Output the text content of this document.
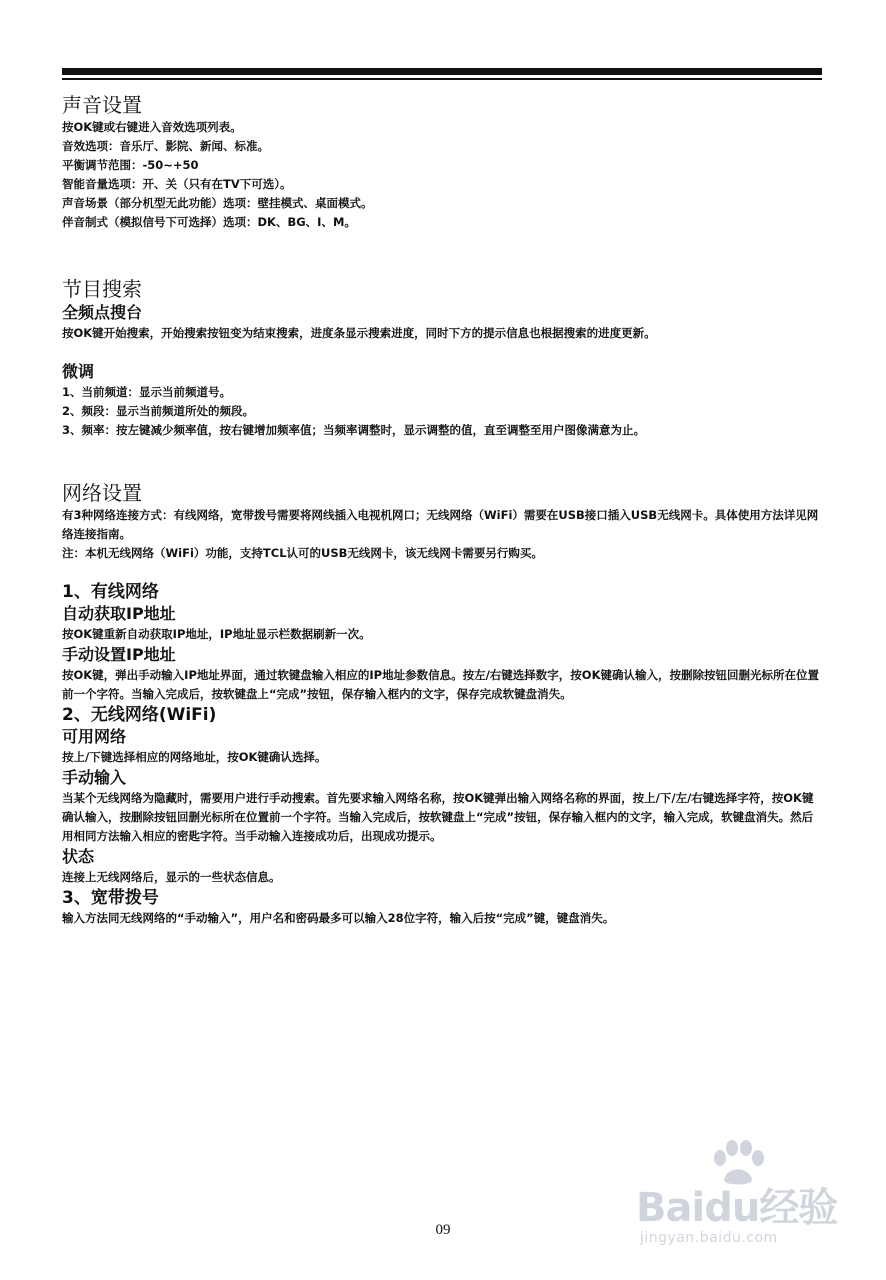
声音设置

按OK键或右键进入音效选项列表。

音效选项：音乐厅、影院、新闻、标准。

平衡调节范围：-50~+50

智能音量选项：开、关（只有在TV下可选）。

声音场景（部分机型无此功能）选项：壁挂模式、桌面模式。

伴音制式（模拟信号下可选择）选项：DK、BG、I、M。

节目搜索
全频点搜台

按OK键开始搜索，开始搜索按钮变为结束搜索，进度条显示搜索进度，同时下方的提示信息也根据搜索的进度更新。

微调

1、当前频道：显示当前频道号。

2、频段：显示当前频道所处的频段。

3、频率：按左键减少频率值，按右键增加频率值；当频率调整时，显示调整的值，直至调整至用户图像满意为止。

网络设置

有3种网络连接方式：有线网络，宽带拨号需要将网线插入电视机网口；无线网络（WiFi）需要在USB接口插入USB无线网卡。具体使用方法详见网络连接指南。

注：本机无线网络（WiFi）功能，支持TCL认可的USB无线网卡，该无线网卡需要另行购买。

1、有线网络
自动获取IP地址

按OK键重新自动获取IP地址，IP地址显示栏数据刷新一次。

手动设置IP地址

按OK键，弹出手动输入IP地址界面，通过软键盘输入相应的IP地址参数信息。按左/右键选择数字，按OK键确认输入，按删除按钮回删光标所在位置前一个字符。当输入完成后，按软键盘上“完成”按钮，保存输入框内的文字，保存完成软键盘消失。

2、无线网络(WiFi)
可用网络

按上/下键选择相应的网络地址，按OK键确认选择。

手动输入

当某个无线网络为隐藏时，需要用户进行手动搜索。首先要求输入网络名称，按OK键弹出输入网络名称的界面，按上/下/左/右键选择字符，按OK键确认输入，按删除按钮回删光标所在位置前一个字符。当输入完成后，按软键盘上“完成”按钮，保存输入框内的文字，输入完成，软键盘消失。然后用相同方法输入相应的密匙字符。当手动输入连接成功后，出现成功提示。

状态

连接上无线网络后，显示的一些状态信息。

3、宽带拨号

输入方法同无线网络的“手动输入”，用户名和密码最多可以输入28位字符，输入后按“完成”键，键盘消失。

Baidu经验
jingyan.baidu.com
09
